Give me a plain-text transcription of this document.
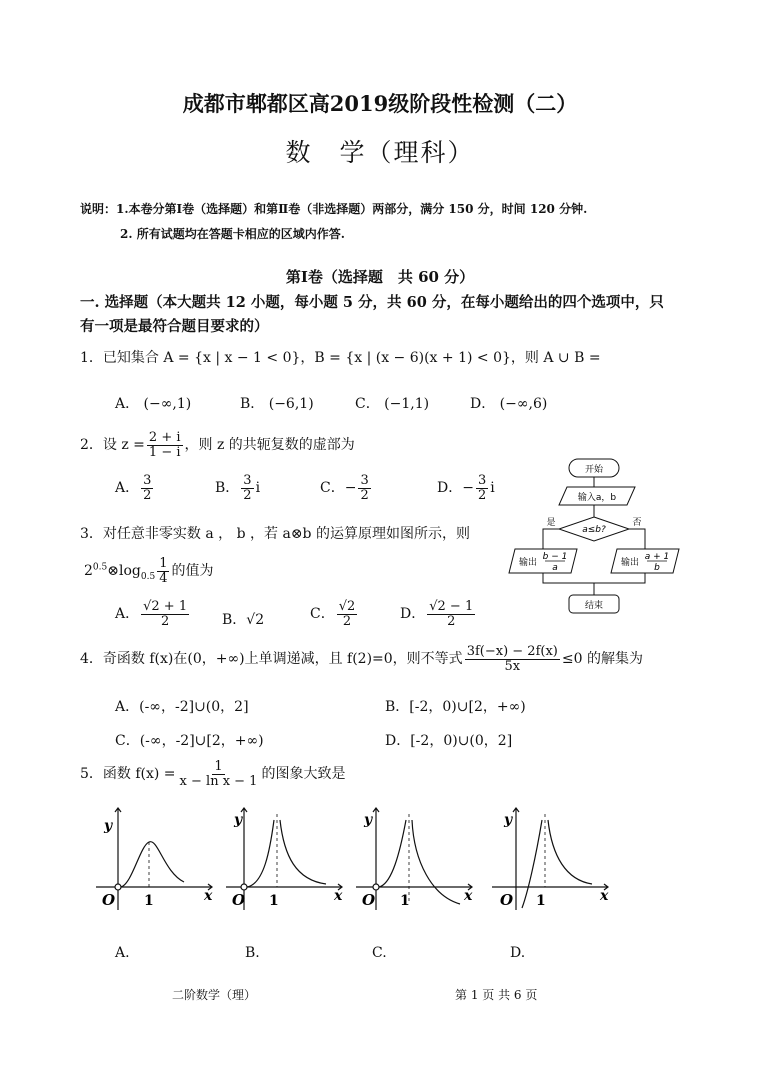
成都市郫都区高2019级阶段性检测（二）
数　学（理科）
说明：1.本卷分第Ⅰ卷（选择题）和第Ⅱ卷（非选择题）两部分，满分 150 分，时间 120 分钟.
2. 所有试题均在答题卡相应的区域内作答.
第Ⅰ卷（选择题　共 60 分）
一. 选择题（本大题共 12 小题，每小题 5 分，共 60 分，在每小题给出的四个选项中，只
有一项是最符合题目要求的）
1．已知集合 A = {x | x − 1 < 0}，B = {x | (x − 6)(x + 1) < 0}，则 A ∪ B =
A． (−∞,1)	B． (−6,1)	C． (−1,1)	D． (−∞,6)
2．设 $z = \frac{2 + i}{1 - i}$ ，则 z 的共轭复数的虚部为
A． $\frac{3}{2}$	B． $\frac{3}{2}$ i	C．− $\frac{3}{2}$	D．− $\frac{3}{2}$ i
3．对任意非零实数 a ， b ，若 a⊗b 的运算原理如图所示，则
$2^{0.5}\otimes\log_{0.5} \frac{1}{4}$ 的值为
A． $\frac{√2 + 1}{2}$ B．√2	C． $\frac{√2}{2}$	D． $\frac{√2 - 1}{2}$
开始
输入a，b
a≤b?
是	否
输出
b − 1
a	输出
a + 1
b
结束
4．奇函数 f(x)在(0，+∞)上单调递减，且 f(2)=0，则不等式 $\frac{3f(-x) - 2f(x)}{5x} \le 0$ 的解集为
A．(-∞，-2]∪(0，2]	B．[-2，0)∪[2，+∞)
C．(-∞，-2]∪[2，+∞)	D．[-2，0)∪(0，2]
5．函数 $f(x) = \frac{1}{\text{x − ln x − 1}}$ 的图象大致是
y
x
O 1
y
x
O 1
y
x
O 1
y
x
O 1
A.	B.	C.	D.
二阶数学（理）	第 1 页 共 6 页
